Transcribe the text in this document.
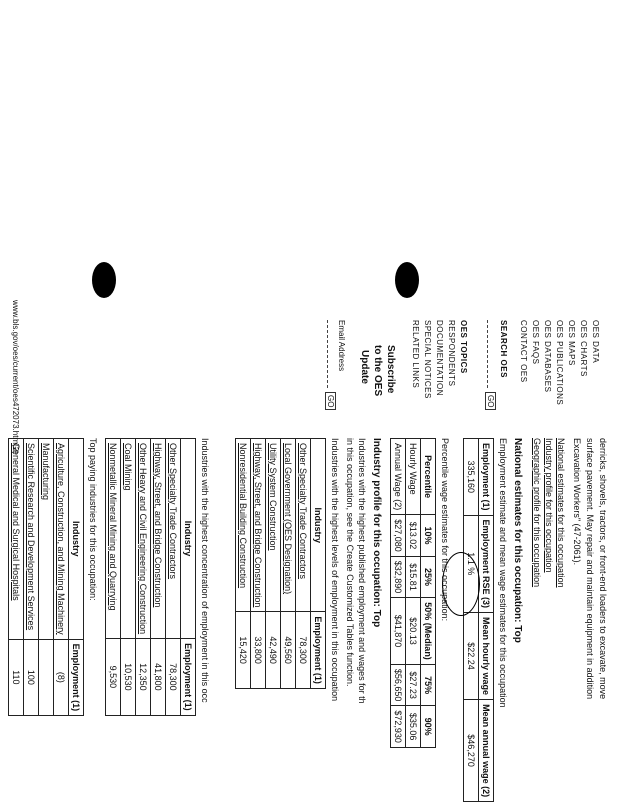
derricks, shovels, tractors, or front-end loaders to excavate, move
surface pavement. May repair and maintain equipment in addition
Excavation Workers" (47-2061).
National estimates for this occupation
Industry profile for this occupation
Geographic profile for this occupation
National estimates for this occupation: Top
Employment estimate and mean wage estimates for this occupation
Employment (1)	Employment RSE (3)	Mean hourly wage	Mean annual wage (2)
335,160	1.1 %	$22.24	$46,270
Percentile wage estimates for this occupation:
Percentile	10%	25%	50% (Median)	75%	90%
Hourly Wage	$13.02	$15.81	$20.13	$27.23	$35.06
Annual Wage (2)	$27,080	$32,890	$41,870	$56,650	$72,930
Industry profile for this occupation: Top
Industries with the highest published employment and wages for th
in this occupation, see the Create Customized Tables function.
Industries with the highest levels of employment in this occupation
Industry	Employment (1)
Other Specialty Trade Contractors	78,300
Local Government (OES Designation)	49,560
Utility System Construction	42,490
Highway, Street, and Bridge Construction	33,800
Nonresidential Building Construction	15,420
Industries with the highest concentration of employment in this occ
Industry	Employment (1)
Other Specialty Trade Contractors	78,300
Highway, Street, and Bridge Construction	41,800
Other Heavy and Civil Engineering Construction	12,350
Coal Mining	10,530
Nonmetallic Mineral Mining and Quarrying	9,530
Top paying industries for this occupation:
Industry	Employment (1)
Agriculture, Construction, and Mining Machinery	(8)
Manufacturing	
Scientific Research and Development Services	100
General Medical and Surgical Hospitals	110
OES DATA
OES CHARTS
OES MAPS
OES PUBLICATIONS
OES DATABASES
OES FAQS
CONTACT OES
SEARCH OES
GO
OES TOPICS
RESPONDENTS
DOCUMENTATION
SPECIAL NOTICES
RELATED LINKS
Subscribe
to the OES
Update
Email Address
GO
www.bls.gov/oes/current/oes472073.htm(2)
